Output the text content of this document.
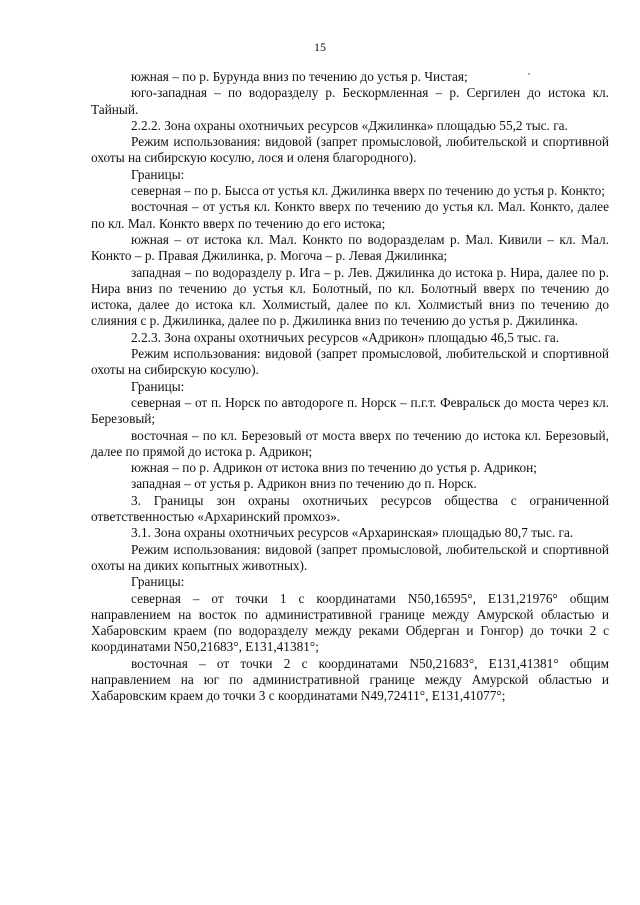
15

южная – по р. Бурунда вниз по течению до устья р. Чистая;

юго-западная – по водоразделу р. Бескормленная – р. Сергилен до истока кл. Тайный.

2.2.2. Зона охраны охотничьих ресурсов «Джилинка» площадью 55,2 тыс. га.

Режим использования: видовой (запрет промысловой, любительской и спортивной охоты на сибирскую косулю, лося и оленя благородного).

Границы:

северная – по р. Бысса от устья кл. Джилинка вверх по течению до устья р. Конкто;

восточная – от устья кл. Конкто вверх по течению до устья кл. Мал. Конкто, далее по кл. Мал. Конкто вверх по течению до его истока;

южная – от истока кл. Мал. Конкто по водоразделам р. Мал. Кивили – кл. Мал. Конкто – р. Правая Джилинка, р. Могоча – р. Левая Джилинка;

западная – по водоразделу р. Ига – р. Лев. Джилинка до истока р. Нира, далее по р. Нира вниз по течению до устья кл. Болотный, по кл. Болотный вверх по течению до истока, далее до истока кл. Холмистый, далее по кл. Холмистый вниз по течению до слияния с р. Джилинка, далее по р. Джилинка вниз по течению до устья р. Джилинка.

2.2.3. Зона охраны охотничьих ресурсов «Адрикон» площадью 46,5 тыс. га.

Режим использования: видовой (запрет промысловой, любительской и спортивной охоты на сибирскую косулю).

Границы:

северная – от п. Норск по автодороге п. Норск – п.г.т. Февральск до моста через кл. Березовый;

восточная – по кл. Березовый от моста вверх по течению до истока кл. Березовый, далее по прямой до истока р. Адрикон;

южная – по р. Адрикон от истока вниз по течению до устья р. Адрикон;

западная – от устья р. Адрикон вниз по течению до п. Норск.

3. Границы зон охраны охотничьих ресурсов общества с ограниченной ответственностью «Архаринский промхоз».

3.1. Зона охраны охотничьих ресурсов «Архаринская» площадью 80,7 тыс. га.

Режим использования: видовой (запрет промысловой, любительской и спортивной охоты на диких копытных животных).

Границы:

северная – от точки 1 с координатами N50,16595°, E131,21976° общим направлением на восток по административной границе между Амурской областью и Хабаровским краем (по водоразделу между реками Обдерган и Гонгор) до точки 2 с координатами N50,21683°, E131,41381°;

восточная – от точки 2 с координатами N50,21683°, E131,41381° общим направлением на юг по административной границе между Амурской областью и Хабаровским краем до точки 3 с координатами N49,72411°, E131,41077°;
